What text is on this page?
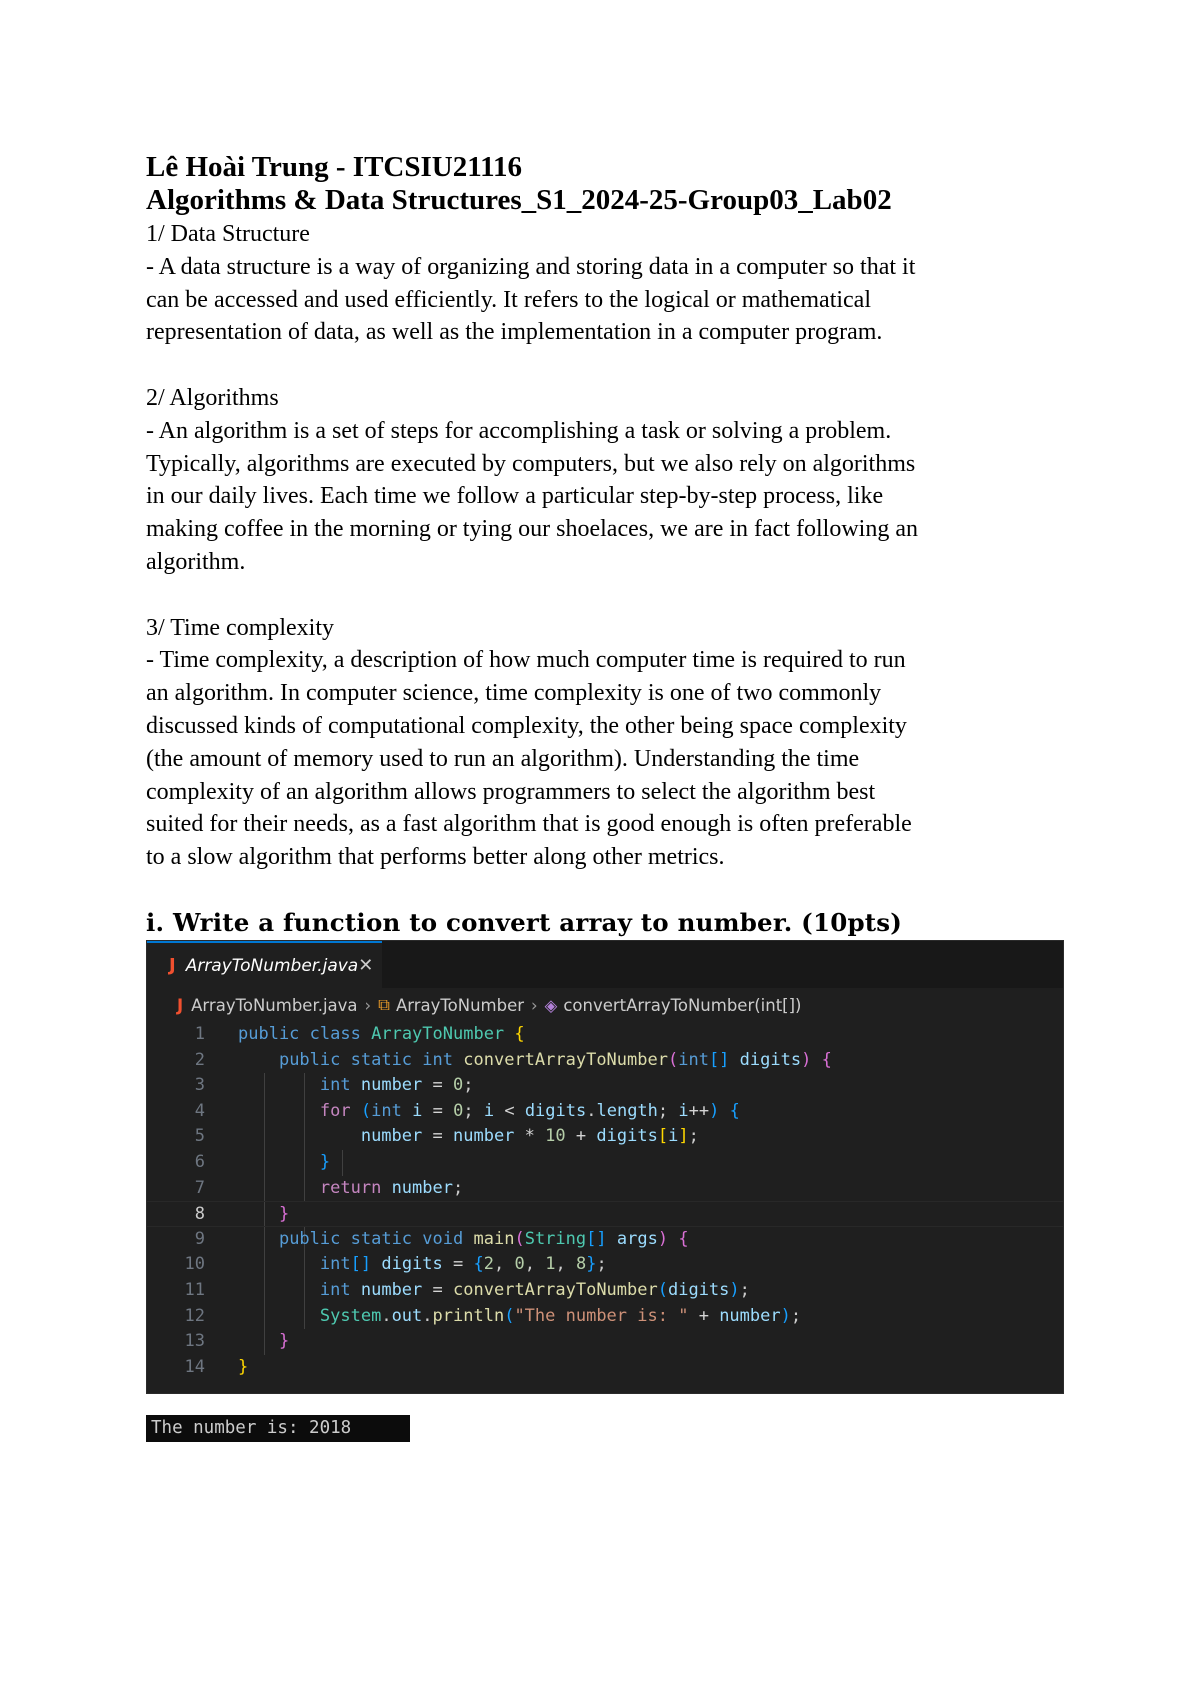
Lê Hoài Trung - ITCSIU21116

Algorithms & Data Structures_S1_2024-25-Group03_Lab02

1/ Data Structure

- A data structure is a way of organizing and storing data in a computer so that it

can be accessed and used efficiently. It refers to the logical or mathematical

representation of data, as well as the implementation in a computer program.

2/ Algorithms

- An algorithm is a set of steps for accomplishing a task or solving a problem.

Typically, algorithms are executed by computers, but we also rely on algorithms

in our daily lives. Each time we follow a particular step-by-step process, like

making coffee in the morning or tying our shoelaces, we are in fact following an

algorithm.

3/ Time complexity

- Time complexity, a description of how much computer time is required to run

an algorithm. In computer science, time complexity is one of two commonly

discussed kinds of computational complexity, the other being space complexity

(the amount of memory used to run an algorithm). Understanding the time

complexity of an algorithm allows programmers to select the algorithm best

suited for their needs, as a fast algorithm that is good enough is often preferable

to a slow algorithm that performs better along other metrics.

i. Write a function to convert array to number. (10pts)

J ArrayToNumber.java ✕
J ArrayToNumber.java › ⧉ ArrayToNumber › ◈ convertArrayToNumber(int[])
1 public class ArrayToNumber {
2	public static int convertArrayToNumber(int[] digits) {
3	int number = 0;
4	for (int i = 0; i < digits.length; i++) {
5	number = number * 10 + digits[i];
6	}
7	return number;
8	}
9	public static void main(String[] args) {
10	int[] digits = {2, 0, 1, 8};
11	int number = convertArrayToNumber(digits);
12	System.out.println("The number is: " + number);
13	}
14 }
The number is: 2018
